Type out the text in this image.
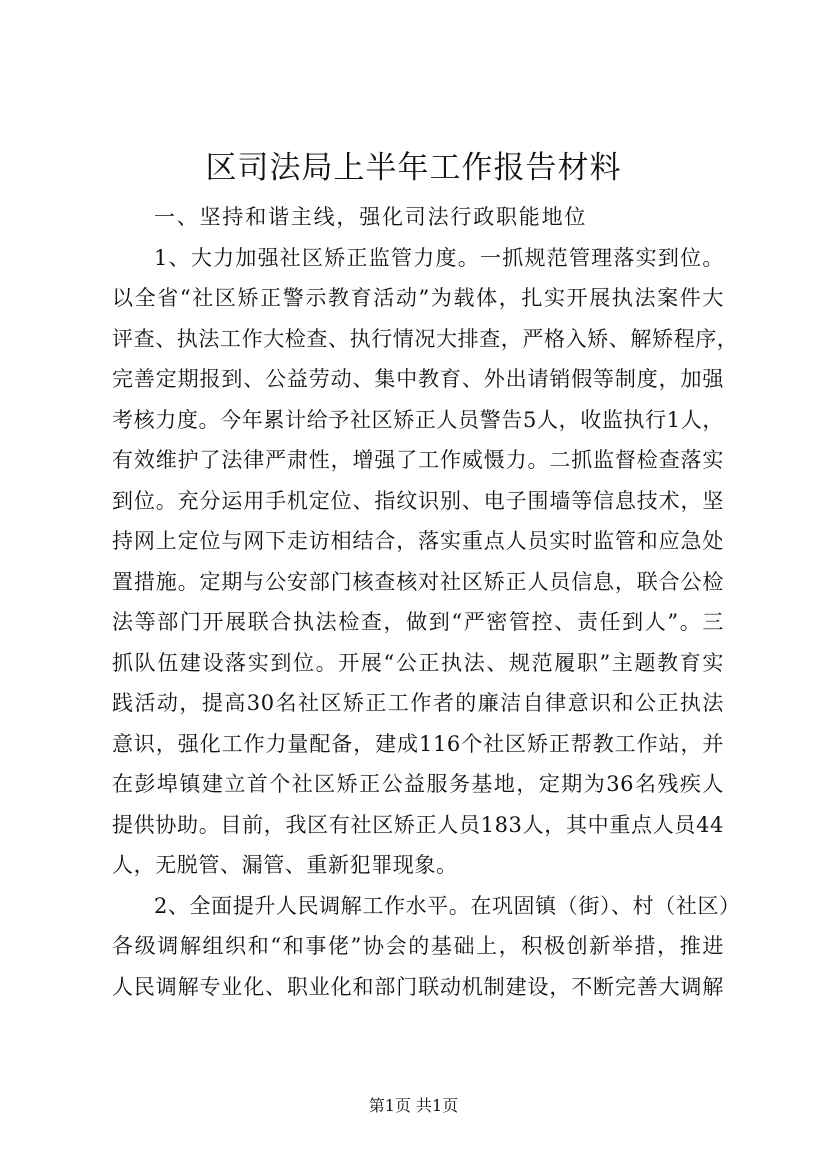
区司法局上半年工作报告材料
一、坚持和谐主线，强化司法行政职能地位
1、大力加强社区矫正监管力度。一抓规范管理落实到位。
以全省“社区矫正警示教育活动”为载体，扎实开展执法案件大
评查、执法工作大检查、执行情况大排查，严格入矫、解矫程序，
完善定期报到、公益劳动、集中教育、外出请销假等制度，加强
考核力度。今年累计给予社区矫正人员警告5人，收监执行1人，
有效维护了法律严肃性，增强了工作威慑力。二抓监督检查落实
到位。充分运用手机定位、指纹识别、电子围墙等信息技术，坚
持网上定位与网下走访相结合，落实重点人员实时监管和应急处
置措施。定期与公安部门核查核对社区矫正人员信息，联合公检
法等部门开展联合执法检查，做到“严密管控、责任到人”。三
抓队伍建设落实到位。开展“公正执法、规范履职”主题教育实
践活动，提高30名社区矫正工作者的廉洁自律意识和公正执法
意识，强化工作力量配备，建成116个社区矫正帮教工作站，并
在彭埠镇建立首个社区矫正公益服务基地，定期为36名残疾人
提供协助。目前，我区有社区矫正人员183人，其中重点人员44
人，无脱管、漏管、重新犯罪现象。
2、全面提升人民调解工作水平。在巩固镇（街）、村（社区）
各级调解组织和“和事佬”协会的基础上，积极创新举措，推进
人民调解专业化、职业化和部门联动机制建设，不断完善大调解
第1页 共1页
